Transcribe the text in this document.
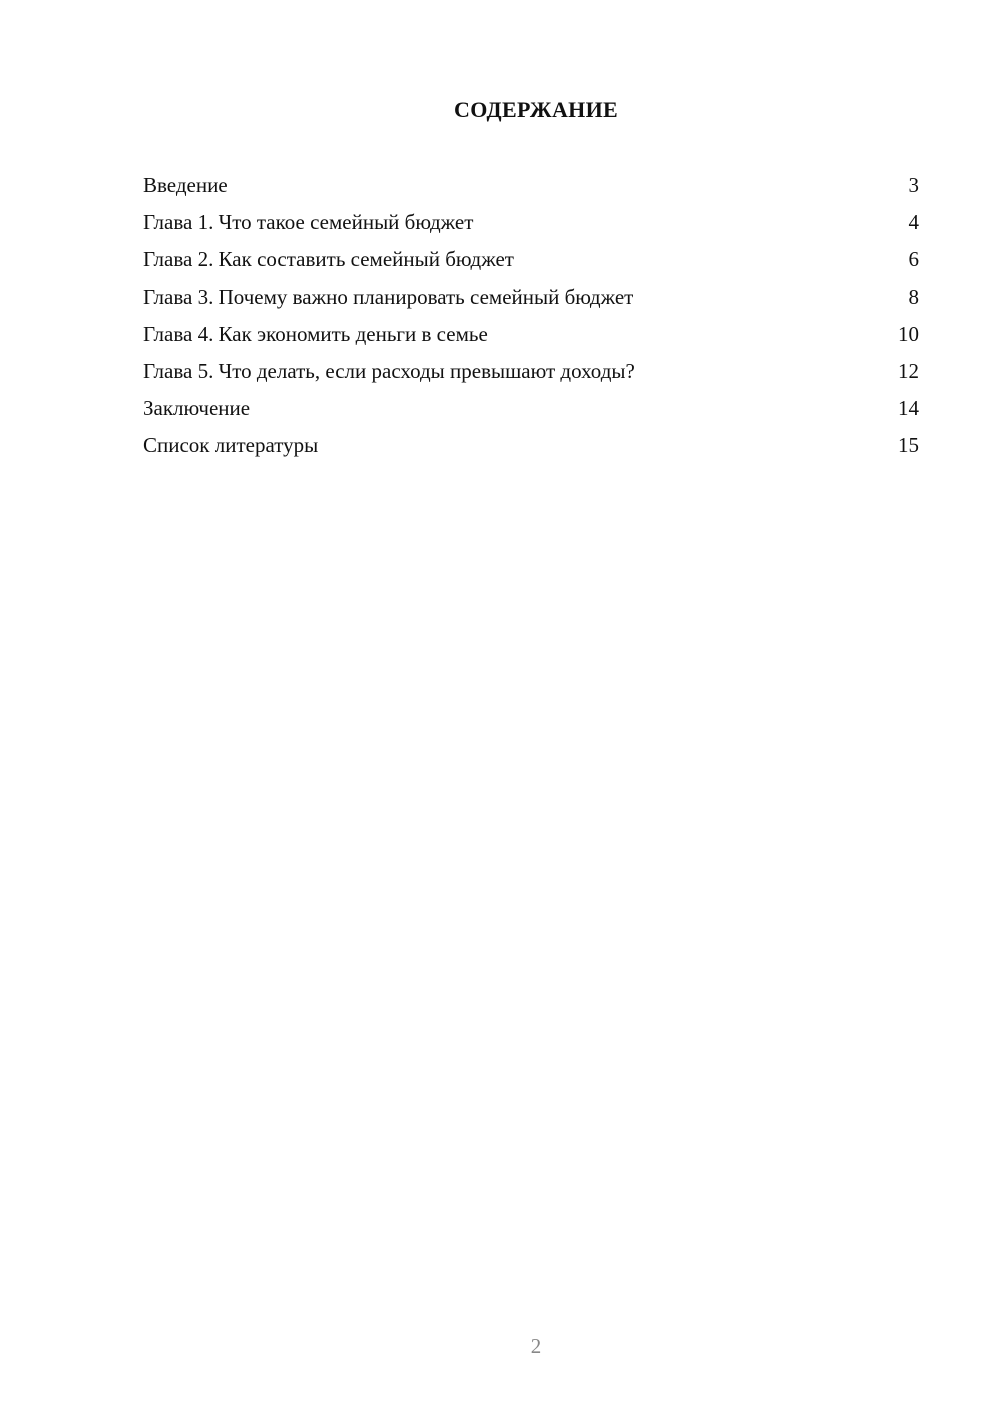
СОДЕРЖАНИЕ
Введение	3
Глава 1. Что такое семейный бюджет	4
Глава 2. Как составить семейный бюджет	6
Глава 3. Почему важно планировать семейный бюджет	8
Глава 4. Как экономить деньги в семье	10
Глава 5. Что делать, если расходы превышают доходы?	12
Заключение	14
Список литературы	15
2
